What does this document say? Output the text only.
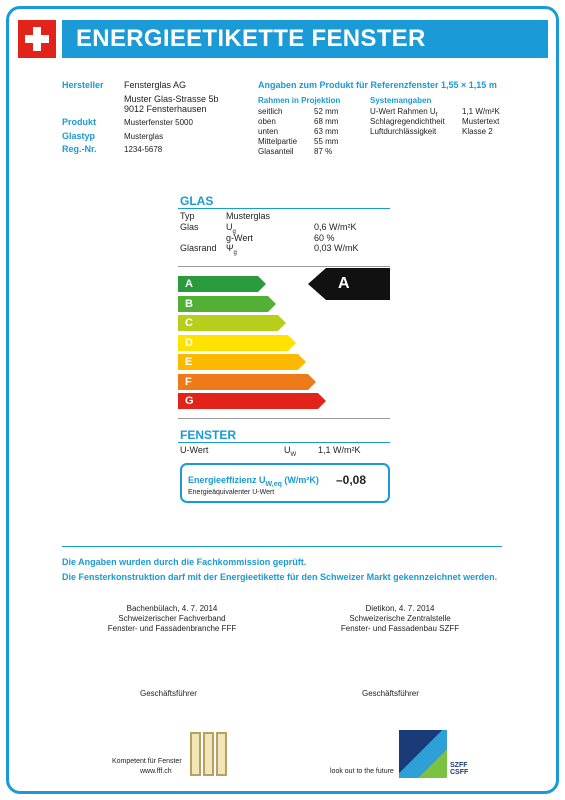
ENERGIEETIKETTE FENSTER
Hersteller Fensterglas AG
Muster Glas-Strasse 5b
9012 Fensterhausen
Produkt	Musterfenster 5000
Glastyp	Musterglas
Reg.-Nr.	1234-5678
Angaben zum Produkt für Referenzfenster 1,55 × 1,15 m
Rahmen in Projektion
seitlich	52 mm
oben	68 mm
unten	63 mm
Mittelpartie 55 mm
Glasanteil	87 %
Systemangaben
U-Wert Rahmen $U_f$	1,1 W/m²K
Schlagregendichtheit Mustertext
Luftdurchlässigkeit	Klasse 2
GLAS
Typ	Musterglas
Glas	$U_g$	0,6 W/m²K
g-Wert	60 %
Glasrand $\Psi_g$	0,03 W/mK
A
B
C
D
E
F
G
A
FENSTER
U-Wert	$U_W$ 1,1 W/m²K
Energieeffizienz $U_{W,eq}$ (W/m²K) –0,08
Energieäquivalenter U-Wert
Die Angaben wurden durch die Fachkommission geprüft.
Die Fensterkonstruktion darf mit der Energieetikette für den Schweizer Markt gekennzeichnet werden.
Bachenbülach, 4. 7. 2014
Schweizerischer Fachverband
Fenster- und Fassadenbranche FFF
Dietikon, 4. 7. 2014
Schweizerische Zentralstelle
Fenster- und Fassadenbau SZFF
Geschäftsführer	Geschäftsführer
Kompetent für Fenster
www.fff.ch	look out to the future
SZFF
CSFF
